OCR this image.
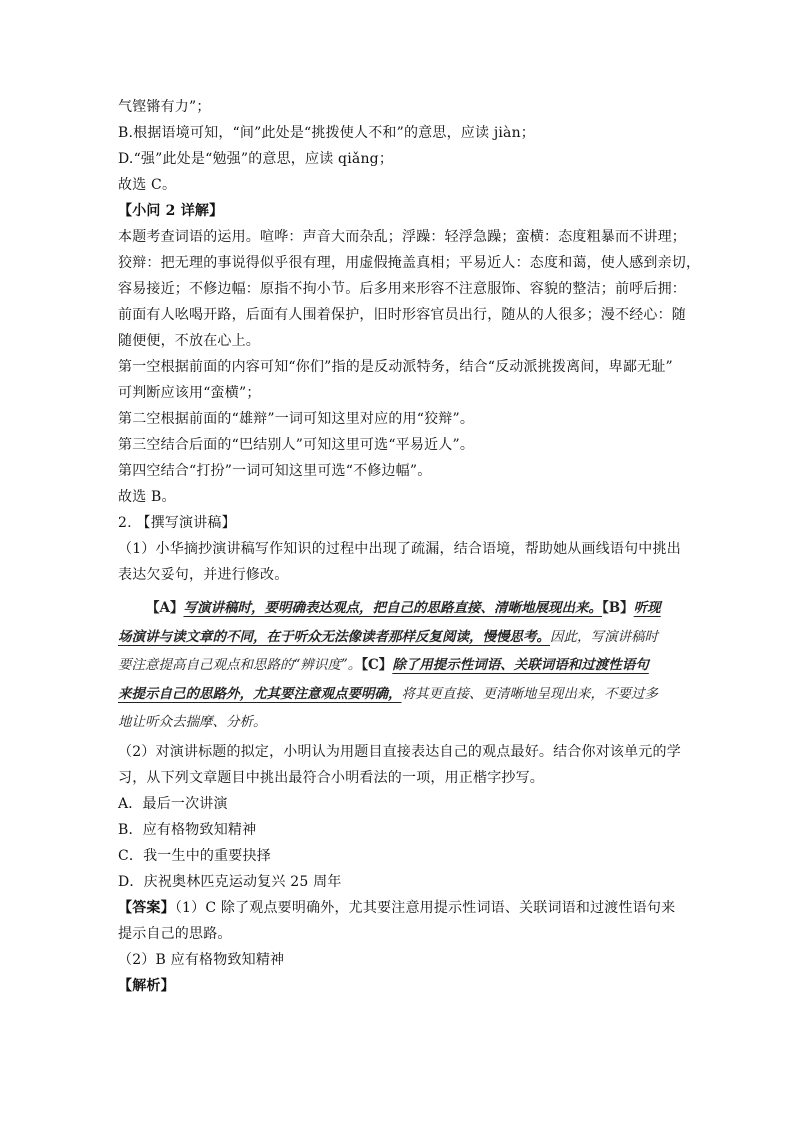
气铿锵有力”；
B.根据语境可知，“间”此处是“挑拨使人不和”的意思，应读 jiàn；
D.“强”此处是“勉强”的意思，应读 qiǎng；
故选 C。
【小问 2 详解】
本题考查词语的运用。喧哗：声音大而杂乱；浮躁：轻浮急躁；蛮横：态度粗暴而不讲理；
狡辩：把无理的事说得似乎很有理，用虚假掩盖真相；平易近人：态度和蔼，使人感到亲切，
容易接近；不修边幅：原指不拘小节。后多用来形容不注意服饰、容貌的整洁；前呼后拥：
前面有人吆喝开路，后面有人围着保护，旧时形容官员出行，随从的人很多；漫不经心：随
随便便，不放在心上。
第一空根据前面的内容可知“你们”指的是反动派特务，结合“反动派挑拨离间，卑鄙无耻”
可判断应该用“蛮横”；
第二空根据前面的“雄辩”一词可知这里对应的用“狡辩”。
第三空结合后面的“巴结别人”可知这里可选“平易近人”。
第四空结合“打扮”一词可知这里可选“不修边幅”。
故选 B。
2. 【撰写演讲稿】
（1）小华摘抄演讲稿写作知识的过程中出现了疏漏，结合语境，帮助她从画线语句中挑出
表达欠妥句，并进行修改。
【A】写演讲稿时，要明确表达观点，把自己的思路直接、清晰地展现出来。【B】听现
场演讲与读文章的不同，在于听众无法像读者那样反复阅读，慢慢思考。因此，写演讲稿时
要注意提高自己观点和思路的“辨识度”。【C】除了用提示性词语、关联词语和过渡性语句
来提示自己的思路外，尤其要注意观点要明确，将其更直接、更清晰地呈现出来，不要过多
地让听众去揣摩、分析。
（2）对演讲标题的拟定，小明认为用题目直接表达自己的观点最好。结合你对该单元的学
习，从下列文章题目中挑出最符合小明看法的一项，用正楷字抄写。
A．最后一次讲演
B．应有格物致知精神
C．我一生中的重要抉择
D．庆祝奥林匹克运动复兴 25 周年
【答案】（1）C 除了观点要明确外，尤其要注意用提示性词语、关联词语和过渡性语句来
提示自己的思路。
（2）B 应有格物致知精神
【解析】
